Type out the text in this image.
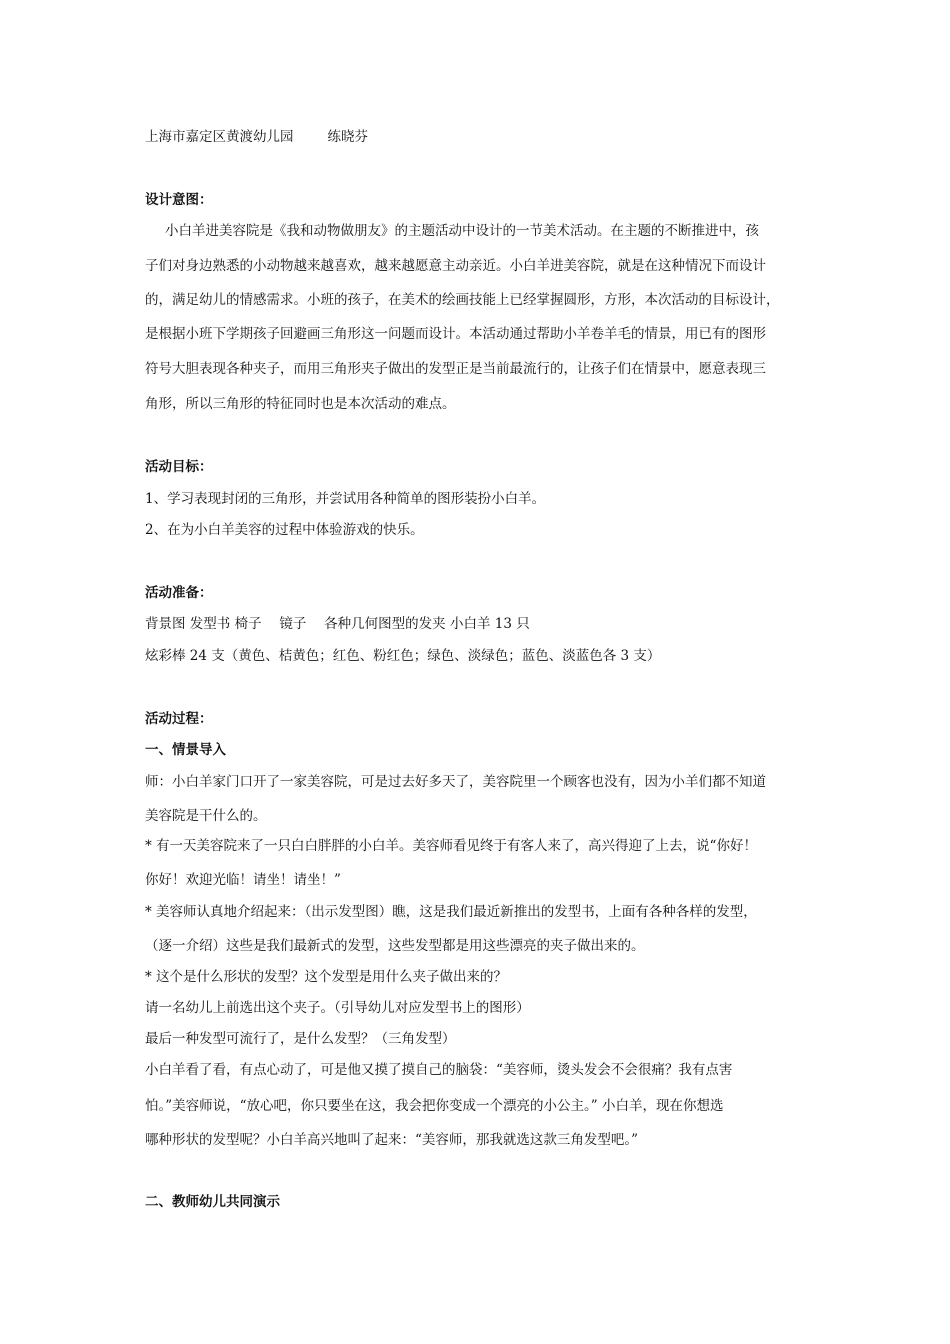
上海市嘉定区黄渡幼儿园	练晓芬
设计意图：
小白羊进美容院是《我和动物做朋友》的主题活动中设计的一节美术活动。在主题的不断推进中，孩
子们对身边熟悉的小动物越来越喜欢，越来越愿意主动亲近。小白羊进美容院，就是在这种情况下而设计
的，满足幼儿的情感需求。小班的孩子，在美术的绘画技能上已经掌握圆形，方形，本次活动的目标设计，
是根据小班下学期孩子回避画三角形这一问题而设计。本活动通过帮助小羊卷羊毛的情景，用已有的图形
符号大胆表现各种夹子，而用三角形夹子做出的发型正是当前最流行的，让孩子们在情景中，愿意表现三
角形，所以三角形的特征同时也是本次活动的难点。
活动目标：
1、学习表现封闭的三角形，并尝试用各种简单的图形装扮小白羊。
2、在为小白羊美容的过程中体验游戏的快乐。
活动准备：
背景图 发型书 椅子　 镜子　 各种几何图型的发夹 小白羊 13 只
炫彩棒 24 支（黄色、桔黄色；红色、粉红色；绿色、淡绿色；蓝色、淡蓝色各 3 支）
活动过程：
一、情景导入
师：小白羊家门口开了一家美容院，可是过去好多天了，美容院里一个顾客也没有，因为小羊们都不知道
美容院是干什么的。
* 有一天美容院来了一只白白胖胖的小白羊。美容师看见终于有客人来了，高兴得迎了上去，说“你好！
你好！欢迎光临！请坐！请坐！”
* 美容师认真地介绍起来：（出示发型图）瞧，这是我们最近新推出的发型书，上面有各种各样的发型，
（逐一介绍）这些是我们最新式的发型，这些发型都是用这些漂亮的夹子做出来的。
* 这个是什么形状的发型？这个发型是用什么夹子做出来的？
请一名幼儿上前选出这个夹子。（引导幼儿对应发型书上的图形）
最后一种发型可流行了，是什么发型？（三角发型）
小白羊看了看，有点心动了，可是他又摸了摸自己的脑袋：“美容师，烫头发会不会很痛？我有点害
怕。”美容师说，“放心吧，你只要坐在这，我会把你变成一个漂亮的小公主。” 小白羊，现在你想选
哪种形状的发型呢？小白羊高兴地叫了起来：“美容师，那我就选这款三角发型吧。”
二、教师幼儿共同演示
